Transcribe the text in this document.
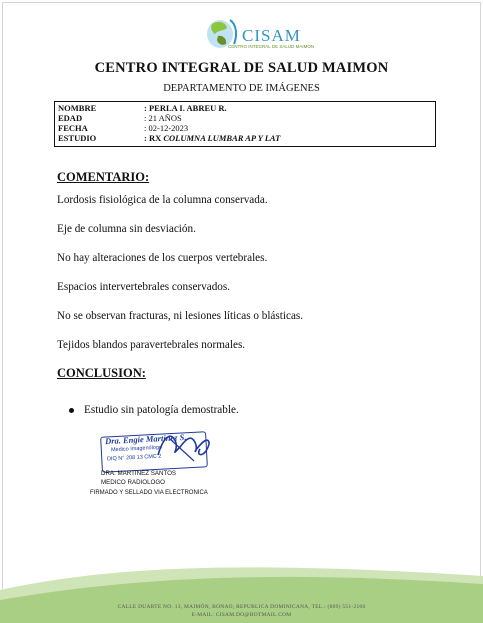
CISAM
CENTRO INTEGRAL DE SALUD MAIMON
CENTRO INTEGRAL DE SALUD MAIMON
DEPARTAMENTO DE IMÁGENES
NOMBRE	: PERLA I. ABREU R.
EDAD	: 21 AÑOS
FECHA	: 02-12-2023
ESTUDIO	: RX COLUMNA LUMBAR AP Y LAT
COMENTARIO:
Lordosis fisiológica de la columna conservada.
Eje de columna sin desviación.
No hay alteraciones de los cuerpos vertebrales.
Espacios intervertebrales conservados.
No se observan fracturas, ni lesiones líticas o blásticas.
Tejidos blandos paravertebrales normales.
CONCLUSION:
Estudio sin patología demostrable.
Dra. Engie Martinez S.
Medico Imagenólogo
DIQ N° 208 13 CMC 2
DRA. MARTINEZ SANTOS
MEDICO RADIOLOGO
FIRMADO Y SELLADO VIA ELECTRONICA
CALLE DUARTE NO. 13, MAIMÓN, BONAO, REPUBLICA DOMINICANA, TEL.: (809) 551-2106
E-MAIL: CISAM.DO@HOTMAIL.COM
